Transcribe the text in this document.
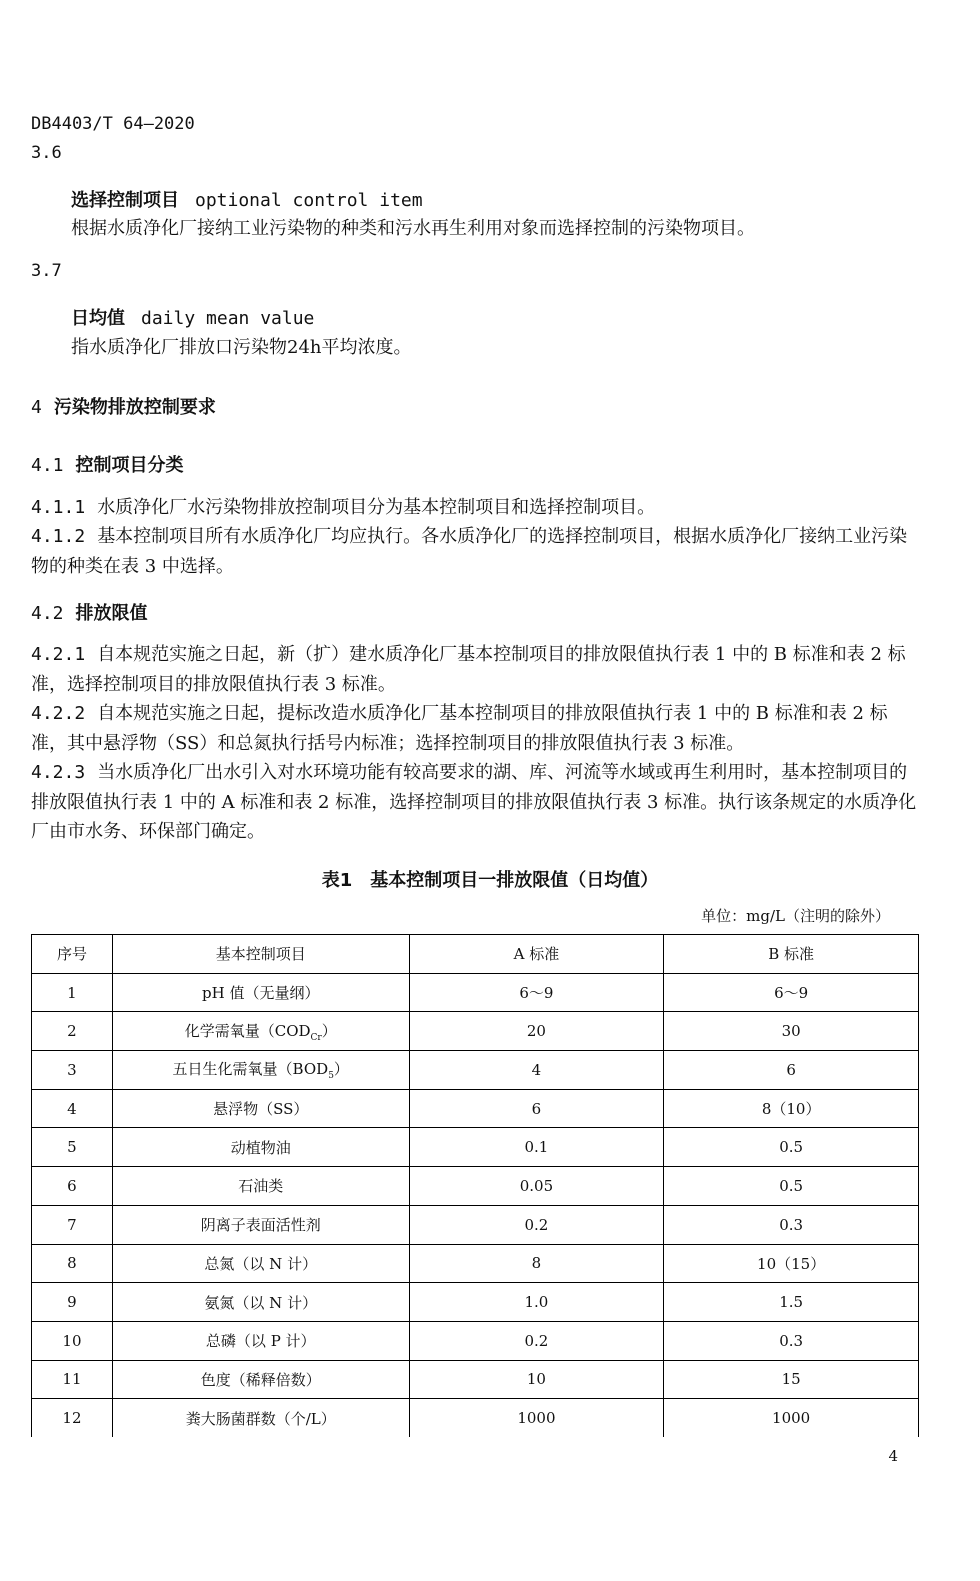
DB4403/T 64—2020
3.6
选择控制项目 optional control item
根据水质净化厂接纳工业污染物的种类和污水再生利用对象而选择控制的污染物项目。
3.7
日均值 daily mean value
指水质净化厂排放口污染物24h平均浓度。
4 污染物排放控制要求
4.1 控制项目分类
4.1.1 水质净化厂水污染物排放控制项目分为基本控制项目和选择控制项目。
4.1.2 基本控制项目所有水质净化厂均应执行。各水质净化厂的选择控制项目，根据水质净化厂接纳工业污染物的种类在表 3 中选择。
4.2 排放限值
4.2.1 自本规范实施之日起，新（扩）建水质净化厂基本控制项目的排放限值执行表 1 中的 B 标准和表 2 标准，选择控制项目的排放限值执行表 3 标准。
4.2.2 自本规范实施之日起，提标改造水质净化厂基本控制项目的排放限值执行表 1 中的 B 标准和表 2 标准，其中悬浮物（SS）和总氮执行括号内标准；选择控制项目的排放限值执行表 3 标准。
4.2.3 当水质净化厂出水引入对水环境功能有较高要求的湖、库、河流等水域或再生利用时，基本控制项目的排放限值执行表 1 中的 A 标准和表 2 标准，选择控制项目的排放限值执行表 3 标准。执行该条规定的水质净化厂由市水务、环保部门确定。
表1　基本控制项目一排放限值（日均值）
单位：mg/L（注明的除外）
序号	基本控制项目	A 标准	B 标准
1	pH 值（无量纲）	6～9	6～9
2	化学需氧量$(COD_{Cr})$	20	30
3	五日生化需氧量$(BOD_5)$	4	6
4	悬浮物（SS）	6	8（10）
5	动植物油	0.1	0.5
6	石油类	0.05	0.5
7	阴离子表面活性剂	0.2	0.3
8	总氮（以 N 计）	8	10（15）
9	氨氮（以 N 计）	1.0	1.5
10	总磷（以 P 计）	0.2	0.3
11	色度（稀释倍数）	10	15
12	粪大肠菌群数（个/L）	1000	1000
4
